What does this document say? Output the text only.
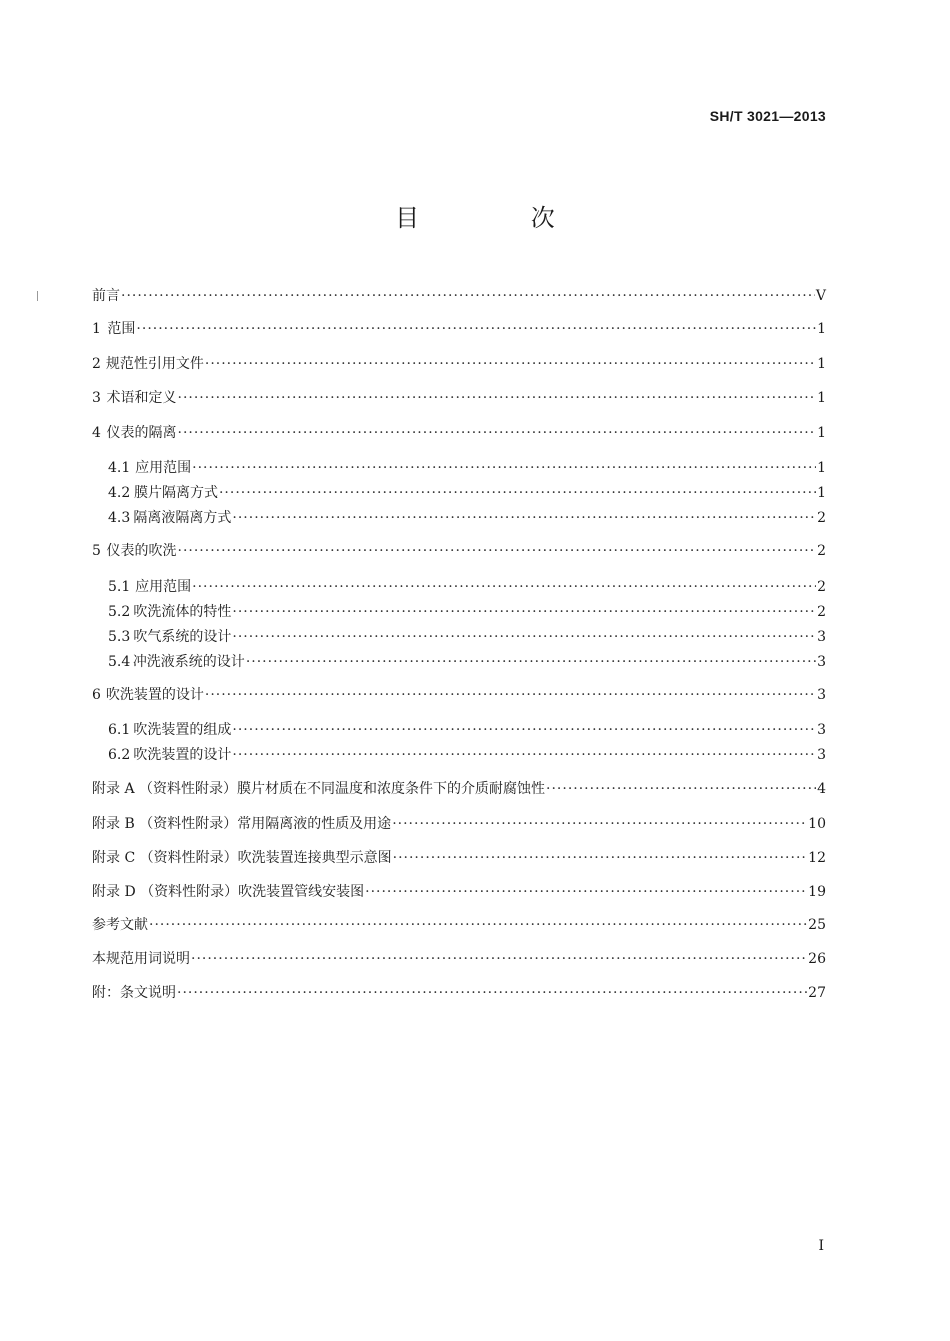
SH/T 3021—2013
目 次
前言 ·····	V
1 范围 ·····	1
2 规范性引用文件 ·····	1
3 术语和定义 ·····	1
4 仪表的隔离 ·····	1
4.1 应用范围 ·····	1
4.2 膜片隔离方式 ·····	1
4.3 隔离液隔离方式 ·····	2
5 仪表的吹洗 ·····	2
5.1 应用范围 ·····	2
5.2 吹洗流体的特性 ·····	2
5.3 吹气系统的设计 ·····	3
5.4 冲洗液系统的设计 ·····	3
6 吹洗装置的设计 ·····	3
6.1 吹洗装置的组成 ·····	3
6.2 吹洗装置的设计 ·····	3
附录 A （资料性附录）膜片材质在不同温度和浓度条件下的介质耐腐蚀性 ·····	4
附录 B （资料性附录）常用隔离液的性质及用途 ·····	10
附录 C （资料性附录）吹洗装置连接典型示意图 ·····	12
附录 D （资料性附录）吹洗装置管线安装图 ·····	19
参考文献 ·····	25
本规范用词说明 ·····	26
附：条文说明 ·····	27
I
